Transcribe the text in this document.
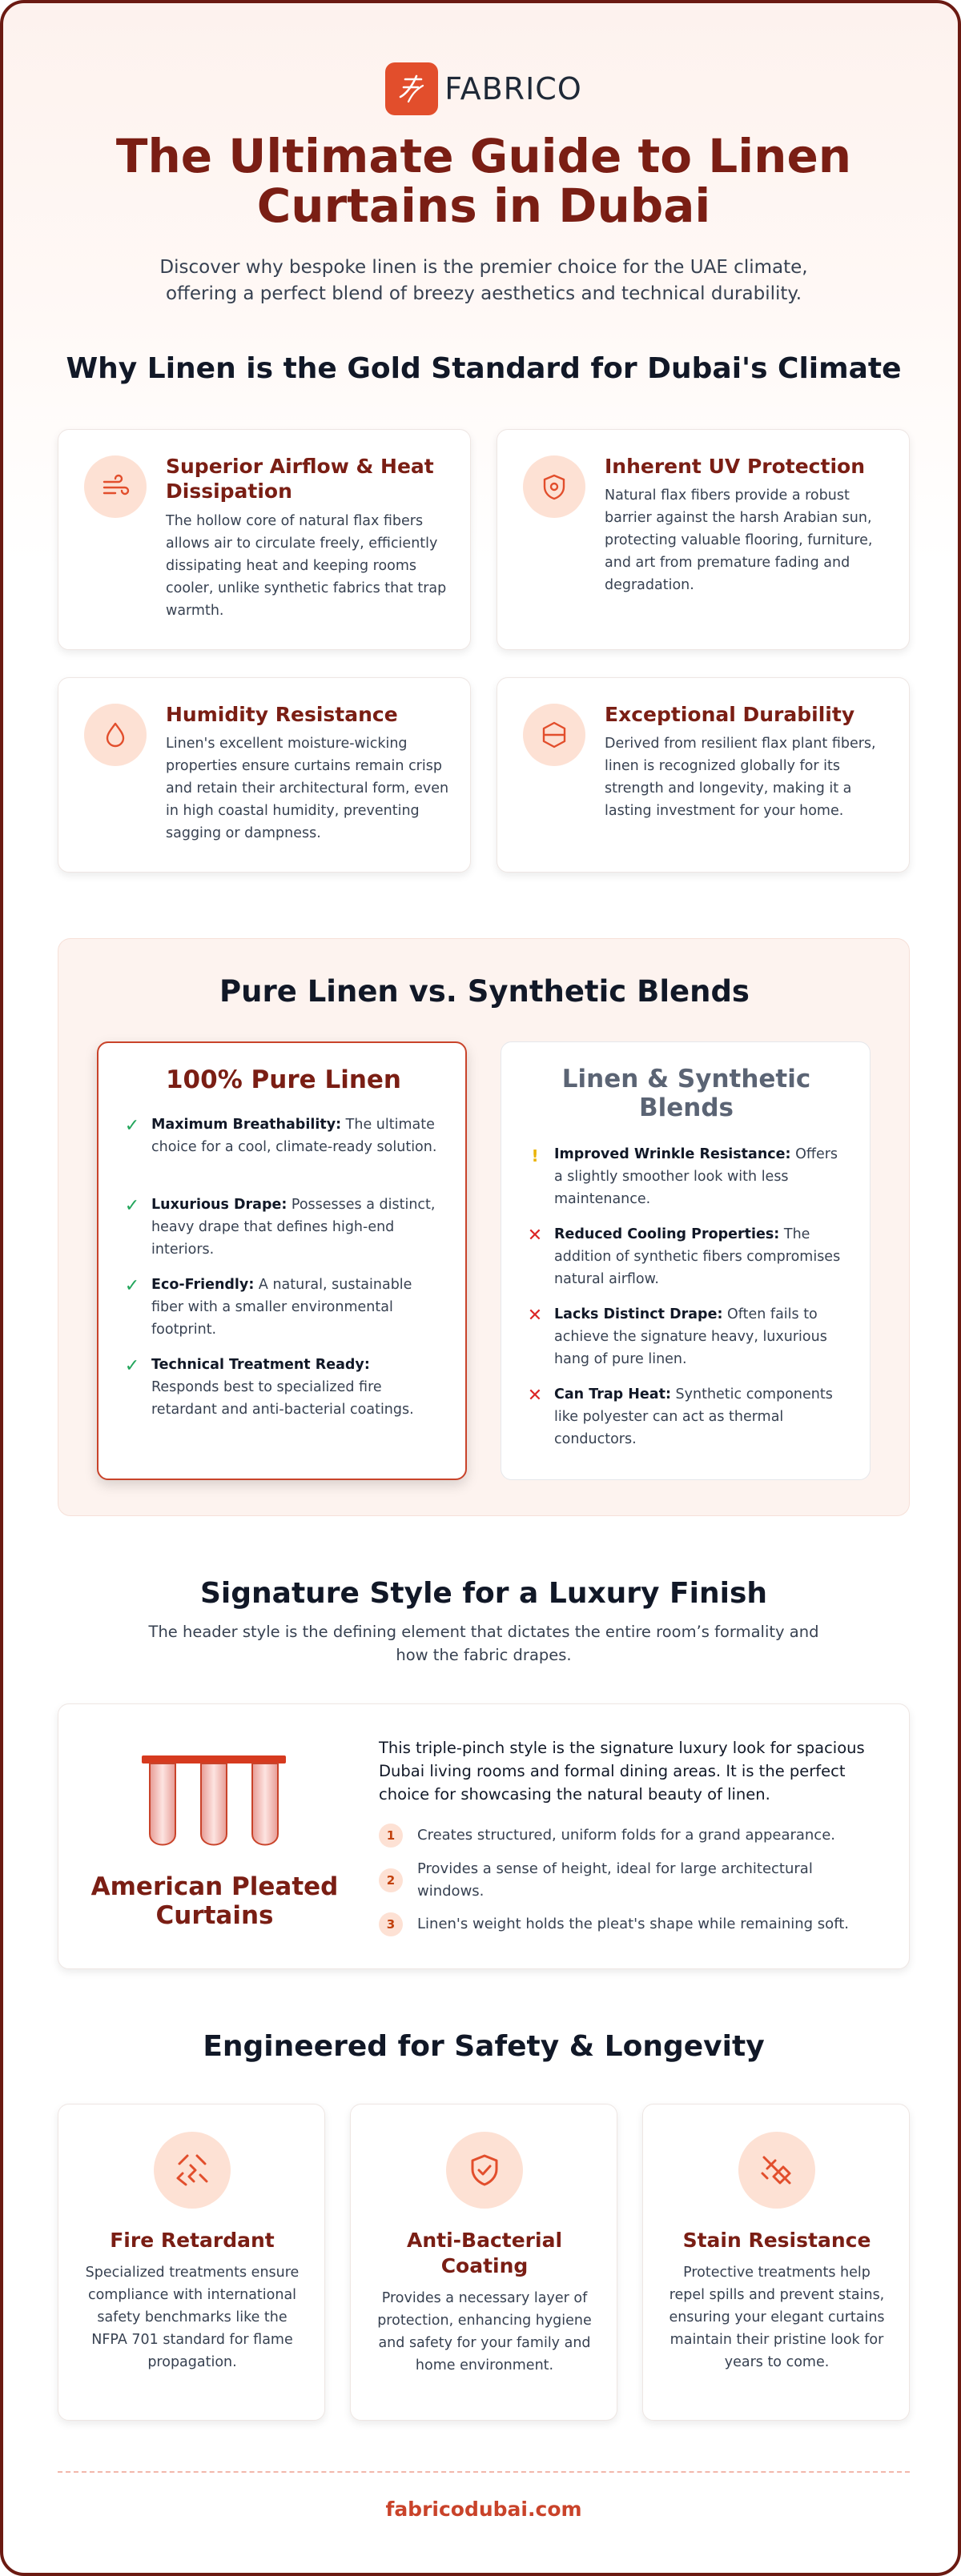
FABRICO
The Ultimate Guide to Linen Curtains in Dubai

Discover why bespoke linen is the premier choice for the UAE climate, offering a perfect blend of breezy aesthetics and technical durability.

Why Linen is the Gold Standard for Dubai's Climate
Superior Airflow & Heat Dissipation

The hollow core of natural flax fibers allows air to circulate freely, efficiently dissipating heat and keeping rooms cooler, unlike synthetic fabrics that trap warmth.

Inherent UV Protection

Natural flax fibers provide a robust barrier against the harsh Arabian sun, protecting valuable flooring, furniture, and art from premature fading and degradation.

Humidity Resistance

Linen's excellent moisture-wicking properties ensure curtains remain crisp and retain their architectural form, even in high coastal humidity, preventing sagging or dampness.

Exceptional Durability

Derived from resilient flax plant fibers, linen is recognized globally for its strength and longevity, making it a lasting investment for your home.

Pure Linen vs. Synthetic Blends
100% Pure Linen
✓ Maximum Breathability: The ultimate choice for a cool, climate-ready solution.

✓ Luxurious Drape: Possesses a distinct, heavy drape that defines high-end interiors.

✓ Eco-Friendly: A natural, sustainable fiber with a smaller environmental footprint.

✓ Technical Treatment Ready: Responds best to specialized fire retardant and anti-bacterial coatings.

Linen & Synthetic Blends
!	Improved Wrinkle Resistance: Offers a slightly smoother look with less maintenance.

✕ Reduced Cooling Properties: The addition of synthetic fibers compromises natural airflow.

✕ Lacks Distinct Drape: Often fails to achieve the signature heavy, luxurious hang of pure linen.

✕ Can Trap Heat: Synthetic components like polyester can act as thermal conductors.

Signature Style for a Luxury Finish

The header style is the defining element that dictates the entire room’s formality and how the fabric drapes.

American Pleated Curtains

This triple-pinch style is the signature luxury look for spacious Dubai living rooms and formal dining areas. It is the perfect choice for showcasing the natural beauty of linen.

1	Creates structured, uniform folds for a grand appearance.

2

Provides a sense of height, ideal for large architectural windows.

3	Linen's weight holds the pleat's shape while remaining soft.

Engineered for Safety & Longevity
Fire Retardant

Specialized treatments ensure compliance with international safety benchmarks like the NFPA 701 standard for flame propagation.

Anti-Bacterial Coating

Provides a necessary layer of protection, enhancing hygiene and safety for your family and home environment.

Stain Resistance

Protective treatments help repel spills and prevent stains, ensuring your elegant curtains maintain their pristine look for years to come.

fabricodubai.com
